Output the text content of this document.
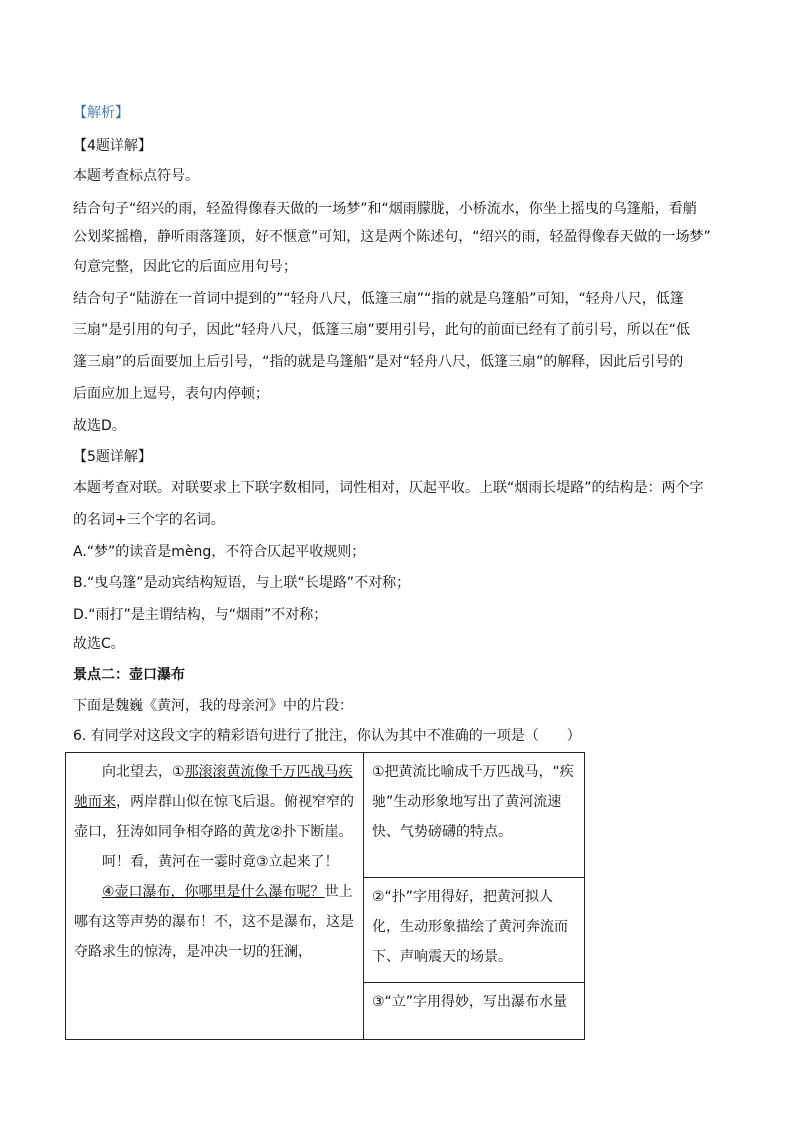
【解析】
【4题详解】
本题考查标点符号。
结合句子“绍兴的雨，轻盈得像春天做的一场梦”和“烟雨朦胧，小桥流水，你坐上摇曳的乌篷船，看艄
公划桨摇橹，静听雨落篷顶，好不惬意”可知，这是两个陈述句，“绍兴的雨，轻盈得像春天做的一场梦”
句意完整，因此它的后面应用句号；
结合句子“陆游在一首词中提到的”“轻舟八尺，低篷三扇”“指的就是乌篷船”可知，“轻舟八尺，低篷
三扇”是引用的句子，因此“轻舟八尺，低篷三扇”要用引号，此句的前面已经有了前引号，所以在“低
篷三扇”的后面要加上后引号，“指的就是乌篷船”是对“轻舟八尺，低篷三扇”的解释，因此后引号的
后面应加上逗号，表句内停顿；
故选D。
【5题详解】
本题考查对联。对联要求上下联字数相同，词性相对，仄起平收。上联“烟雨长堤路”的结构是：两个字
的名词+三个字的名词。
A.“梦”的读音是mèng，不符合仄起平收规则；
B.“曳乌篷”是动宾结构短语，与上联“长堤路”不对称；
D.“雨打”是主谓结构，与“烟雨”不对称；
故选C。
景点二：壶口瀑布
下面是魏巍《黄河，我的母亲河》中的片段：
6. 有同学对这段文字的精彩语句进行了批注，你认为其中不准确的一项是（　　）

向北望去，①那滚滚黄流像千万匹战马疾驰而来，两岸群山似在惊飞后退。俯视窄窄的壶口，狂涛如同争相夺路的黄龙②扑下断崖。

呵！看，黄河在一霎时竟③立起来了！

④壶口瀑布，你哪里是什么瀑布呢？世上哪有这等声势的瀑布！不，这不是瀑布，这是夺路求生的惊涛，是冲决一切的狂澜，

	①把黄流比喻成千万匹战马，“疾驰”生动形象地写出了黄河流速快、气势磅礴的特点。
②“扑”字用得好，把黄河拟人化，生动形象描绘了黄河奔流而下、声响震天的场景。
③“立”字用得妙，写出瀑布水量
